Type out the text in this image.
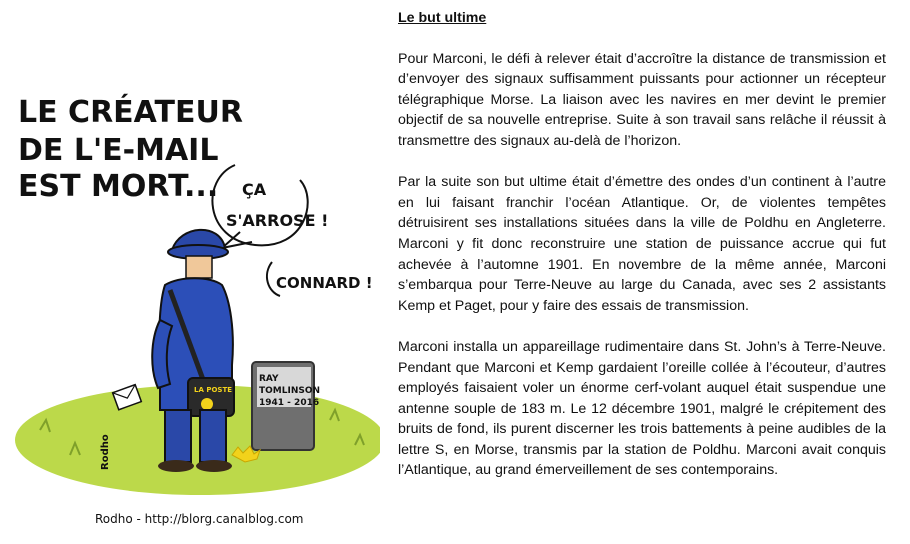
LE CRÉATEUR
DE L'E-MAIL
EST MORT... ÇA
S'ARROSE !
CONNARD !
RAY
TOMLINSON
1941 - 2016
LA POSTE
Rodho
Rodho - http://blorg.canalblog.com
Le but ultime

Pour Marconi, le défi à relever était d’accroître la distance de transmission et d’envoyer des signaux suffisamment puissants pour actionner un récepteur télégraphique Morse. La liaison avec les navires en mer devint le premier objectif de sa nouvelle entreprise. Suite à son travail sans relâche il réussit à transmettre des signaux au-delà de l’horizon.

Par la suite son but ultime était d’émettre des ondes d’un continent à l’autre en lui faisant franchir l’océan Atlantique. Or, de violentes tempêtes détruisirent ses installations situées dans la ville de Poldhu en Angleterre. Marconi y fit donc reconstruire une station de puissance accrue qui fut achevée à l’automne 1901. En novembre de la même année, Marconi s’embarqua pour Terre-Neuve au large du Canada, avec ses 2 assistants Kemp et Paget, pour y faire des essais de transmission.

Marconi installa un appareillage rudimentaire dans St. John’s à Terre-Neuve. Pendant que Marconi et Kemp gardaient l’oreille collée à l’écouteur, d’autres employés faisaient voler un énorme cerf-volant auquel était suspendue une antenne souple de 183 m. Le 12 décembre 1901, malgré le crépitement des bruits de fond, ils purent discerner les trois battements à peine audibles de la lettre S, en Morse, transmis par la station de Poldhu. Marconi avait conquis l’Atlantique, au grand émerveillement de ses contemporains.
